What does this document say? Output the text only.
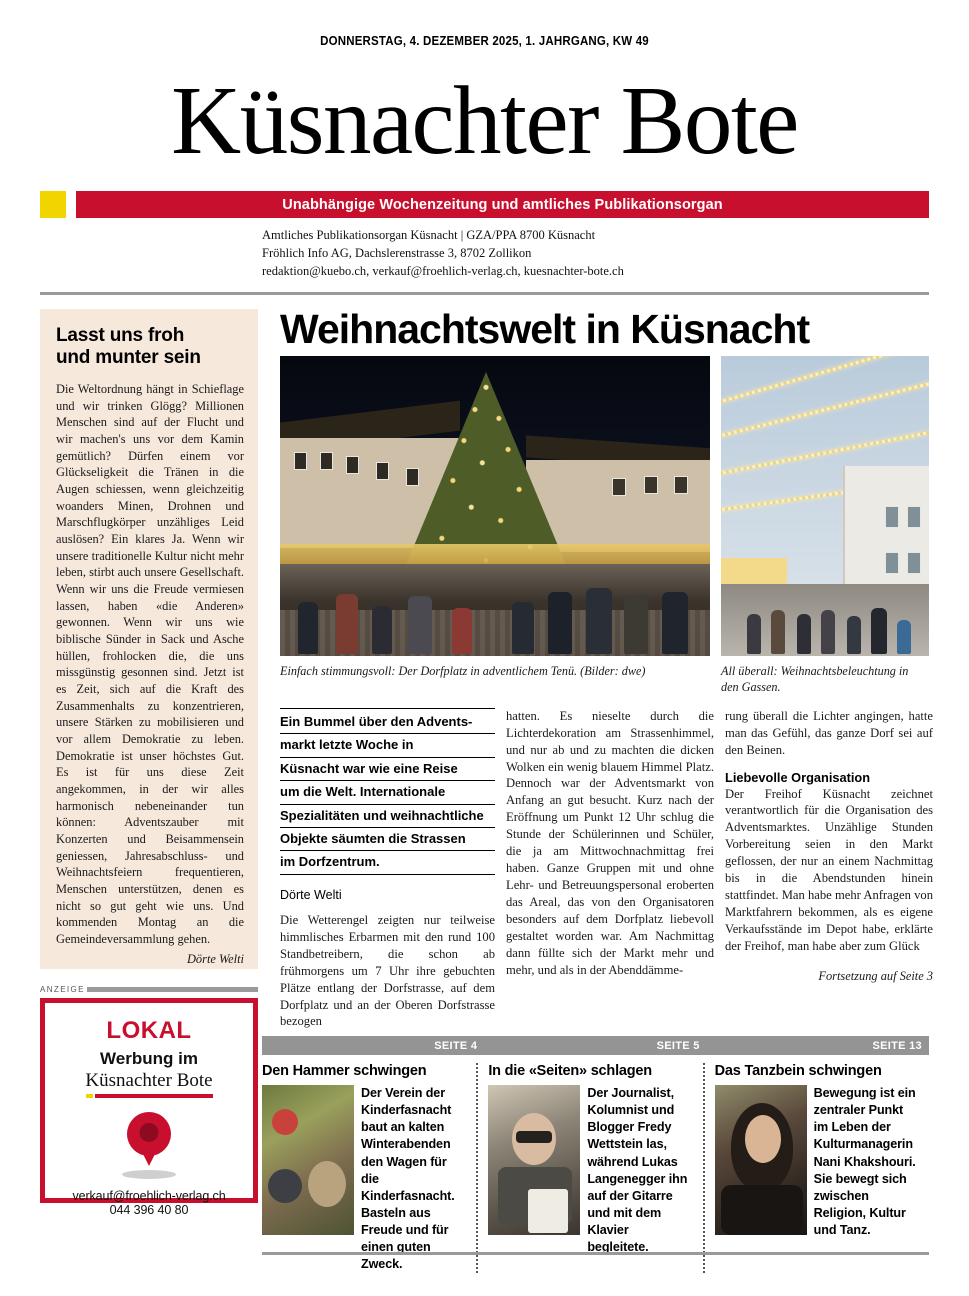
DONNERSTAG, 4. DEZEMBER 2025, 1. JAHRGANG, KW 49
Küsnachter Bote
Unabhängige Wochenzeitung und amtliches Publikationsorgan
Amtliches Publikationsorgan Küsnacht | GZA/PPA 8700 Küsnacht
Fröhlich Info AG, Dachslerenstrasse 3, 8702 Zollikon
redaktion@kuebo.ch, verkauf@froehlich-verlag.ch, kuesnachter-bote.ch
Lasst uns froh
und munter sein

Die Weltordnung hängt in Schieflage und wir trinken Glögg? Millionen Menschen sind auf der Flucht und wir machen's uns vor dem Kamin gemütlich? Dürfen einem vor Glückseligkeit die Tränen in die Augen schiessen, wenn gleichzeitig woanders Minen, Drohnen und Marschflugkörper unzähliges Leid auslösen? Ein klares Ja. Wenn wir unsere traditionelle Kultur nicht mehr leben, stirbt auch unsere Gesellschaft. Wenn wir uns die Freude vermiesen lassen, haben «die Anderen» gewonnen. Wenn wir uns wie biblische Sünder in Sack und Asche hüllen, frohlocken die, die uns missgünstig gesonnen sind. Jetzt ist es Zeit, sich auf die Kraft des Zusammenhalts zu konzentrieren, unsere Stärken zu mobilisieren und vor allem Demokratie zu leben. Demokratie ist unser höchstes Gut. Es ist für uns diese Zeit angekommen, in der wir alles harmonisch nebeneinander tun können: Adventszauber mit Konzerten und Beisammensein geniessen, Jahresabschluss- und Weihnachtsfeiern frequentieren, Menschen unterstützen, denen es nicht so gut geht wie uns. Und kommenden Montag an die Gemeindeversammlung gehen.

Dörte Welti
ANZEIGE
LOKAL
Werbung im
Küsnachter Bote
verkauf@froehlich-verlag.ch
044 396 40 80
Weihnachtswelt in Küsnacht
Einfach stimmungsvoll: Der Dorfplatz in adventlichem Tenü. (Bilder: dwe)	All überall: Weihnachtsbeleuchtung in den Gassen.
Ein Bummel über den Advents-
markt letzte Woche in
Küsnacht war wie eine Reise
um die Welt. Internationale
Spezialitäten und weihnachtliche
Objekte säumten die Strassen
im Dorfzentrum.
Dörte Welti
Die Wetterengel zeigten nur teilweise himmlisches Erbarmen mit den rund 100 Standbetreibern, die schon ab frühmorgens um 7 Uhr ihre gebuchten Plätze entlang der Dorfstrasse, auf dem Dorfplatz und an der Oberen Dorfstrasse bezogen
hatten. Es nieselte durch die Lichterdekoration am Strassenhimmel, und nur ab und zu machten die dicken Wolken ein wenig blauem Himmel Platz. Dennoch war der Adventsmarkt von Anfang an gut besucht. Kurz nach der Eröffnung um Punkt 12 Uhr schlug die Stunde der Schülerinnen und Schüler, die ja am Mittwochnachmittag frei haben. Ganze Gruppen mit und ohne Lehr- und Betreuungspersonal eroberten das Areal, das von den Organisatoren besonders auf dem Dorfplatz liebevoll gestaltet worden war. Am Nachmittag dann füllte sich der Markt mehr und mehr, und als in der Abenddämme-
rung überall die Lichter angingen, hatte man das Gefühl, das ganze Dorf sei auf den Beinen.
Liebevolle Organisation
Der Freihof Küsnacht zeichnet verantwortlich für die Organisation des Adventsmarktes. Unzählige Stunden Vorbereitung seien in den Markt geflossen, der nur an einem Nachmittag bis in die Abendstunden hinein stattfindet. Man habe mehr Anfragen von Marktfahrern bekommen, als es eigene Verkaufsstände im Depot habe, erklärte der Freihof, man habe aber zum Glück
Fortsetzung auf Seite 3
SEITE 4	SEITE 5	SEITE 13
Den Hammer schwingen
Der Verein der Kinderfasnacht baut an kalten Winterabenden den Wagen für die Kinderfasnacht. Basteln aus Freude und für einen guten Zweck.
In die «Seiten» schlagen
Der Journalist, Kolumnist und Blogger Fredy Wettstein las, während Lukas Langenegger ihn auf der Gitarre und mit dem Klavier begleitete.
Das Tanzbein schwingen
Bewegung ist ein zentraler Punkt im Leben der Kulturmanagerin Nani Khakshouri. Sie bewegt sich zwischen Religion, Kultur und Tanz.
